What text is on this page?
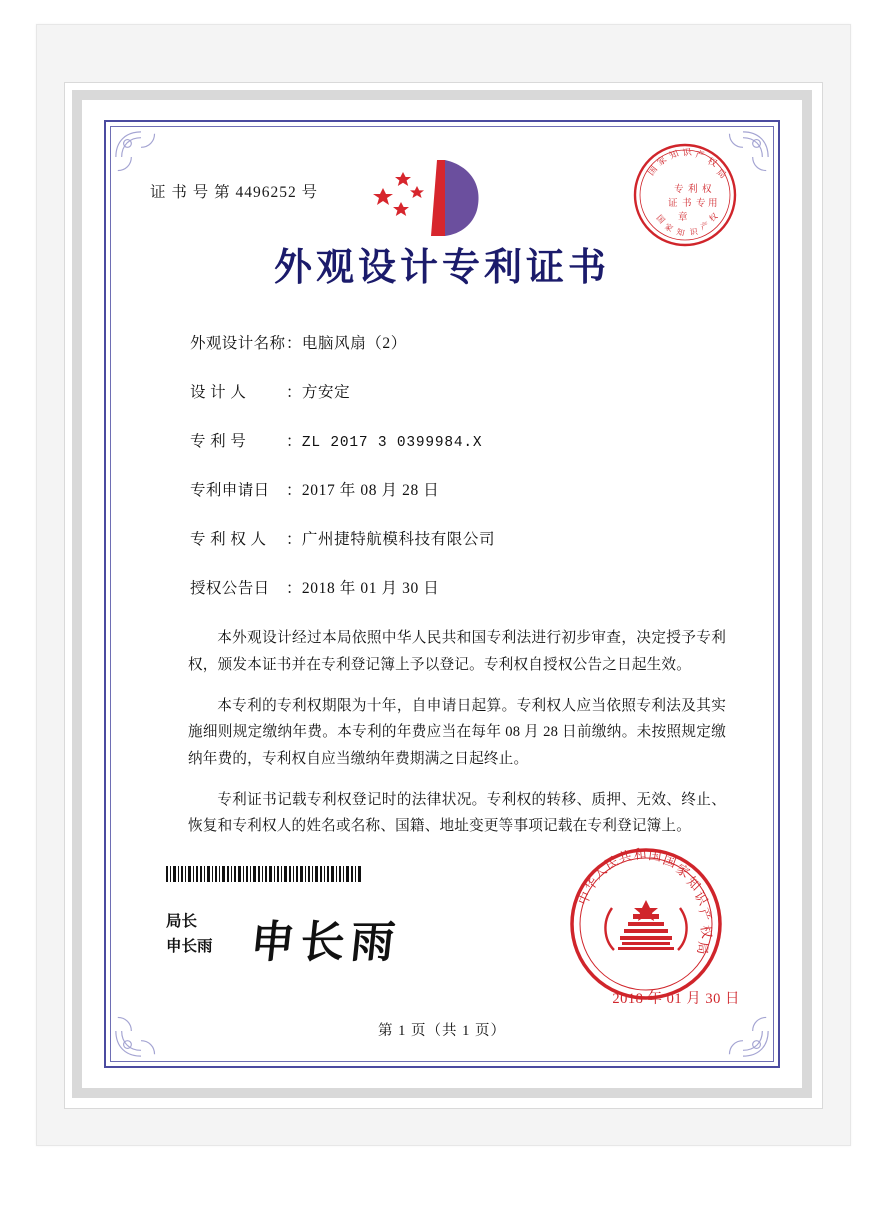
国
家 知 识 产
权
局
专 利 权
证 书 专 用
章
国
家 知 识
产
权
证 书 号 第 4496252 号
外观设计专利证书
外观设计名称：电脑风扇（2）
设 计 人	：方安定
专 利 号	：ZL 2017 3 0399984.X
专利申请日 ：2017 年 08 月 28 日
专 利 权 人 ：广州捷特航模科技有限公司
授权公告日 ：2018 年 01 月 30 日

本外观设计经过本局依照中华人民共和国专利法进行初步审查，决定授予专利权，颁发本证书并在专利登记簿上予以登记。专利权自授权公告之日起生效。

本专利的专利权期限为十年，自申请日起算。专利权人应当依照专利法及其实施细则规定缴纳年费。本专利的年费应当在每年 08 月 28 日前缴纳。未按照规定缴纳年费的，专利权自应当缴纳年费期满之日起终止。

专利证书记载专利权登记时的法律状况。专利权的转移、质押、无效、终止、恢复和专利权人的姓名或名称、国籍、地址变更等事项记载在专利登记簿上。

局长
申长雨 申长雨
中
华
人
民
共 和 国
国
家
知
识
产
权
局
2018 年 01 月 30 日
第 1 页（共 1 页）
